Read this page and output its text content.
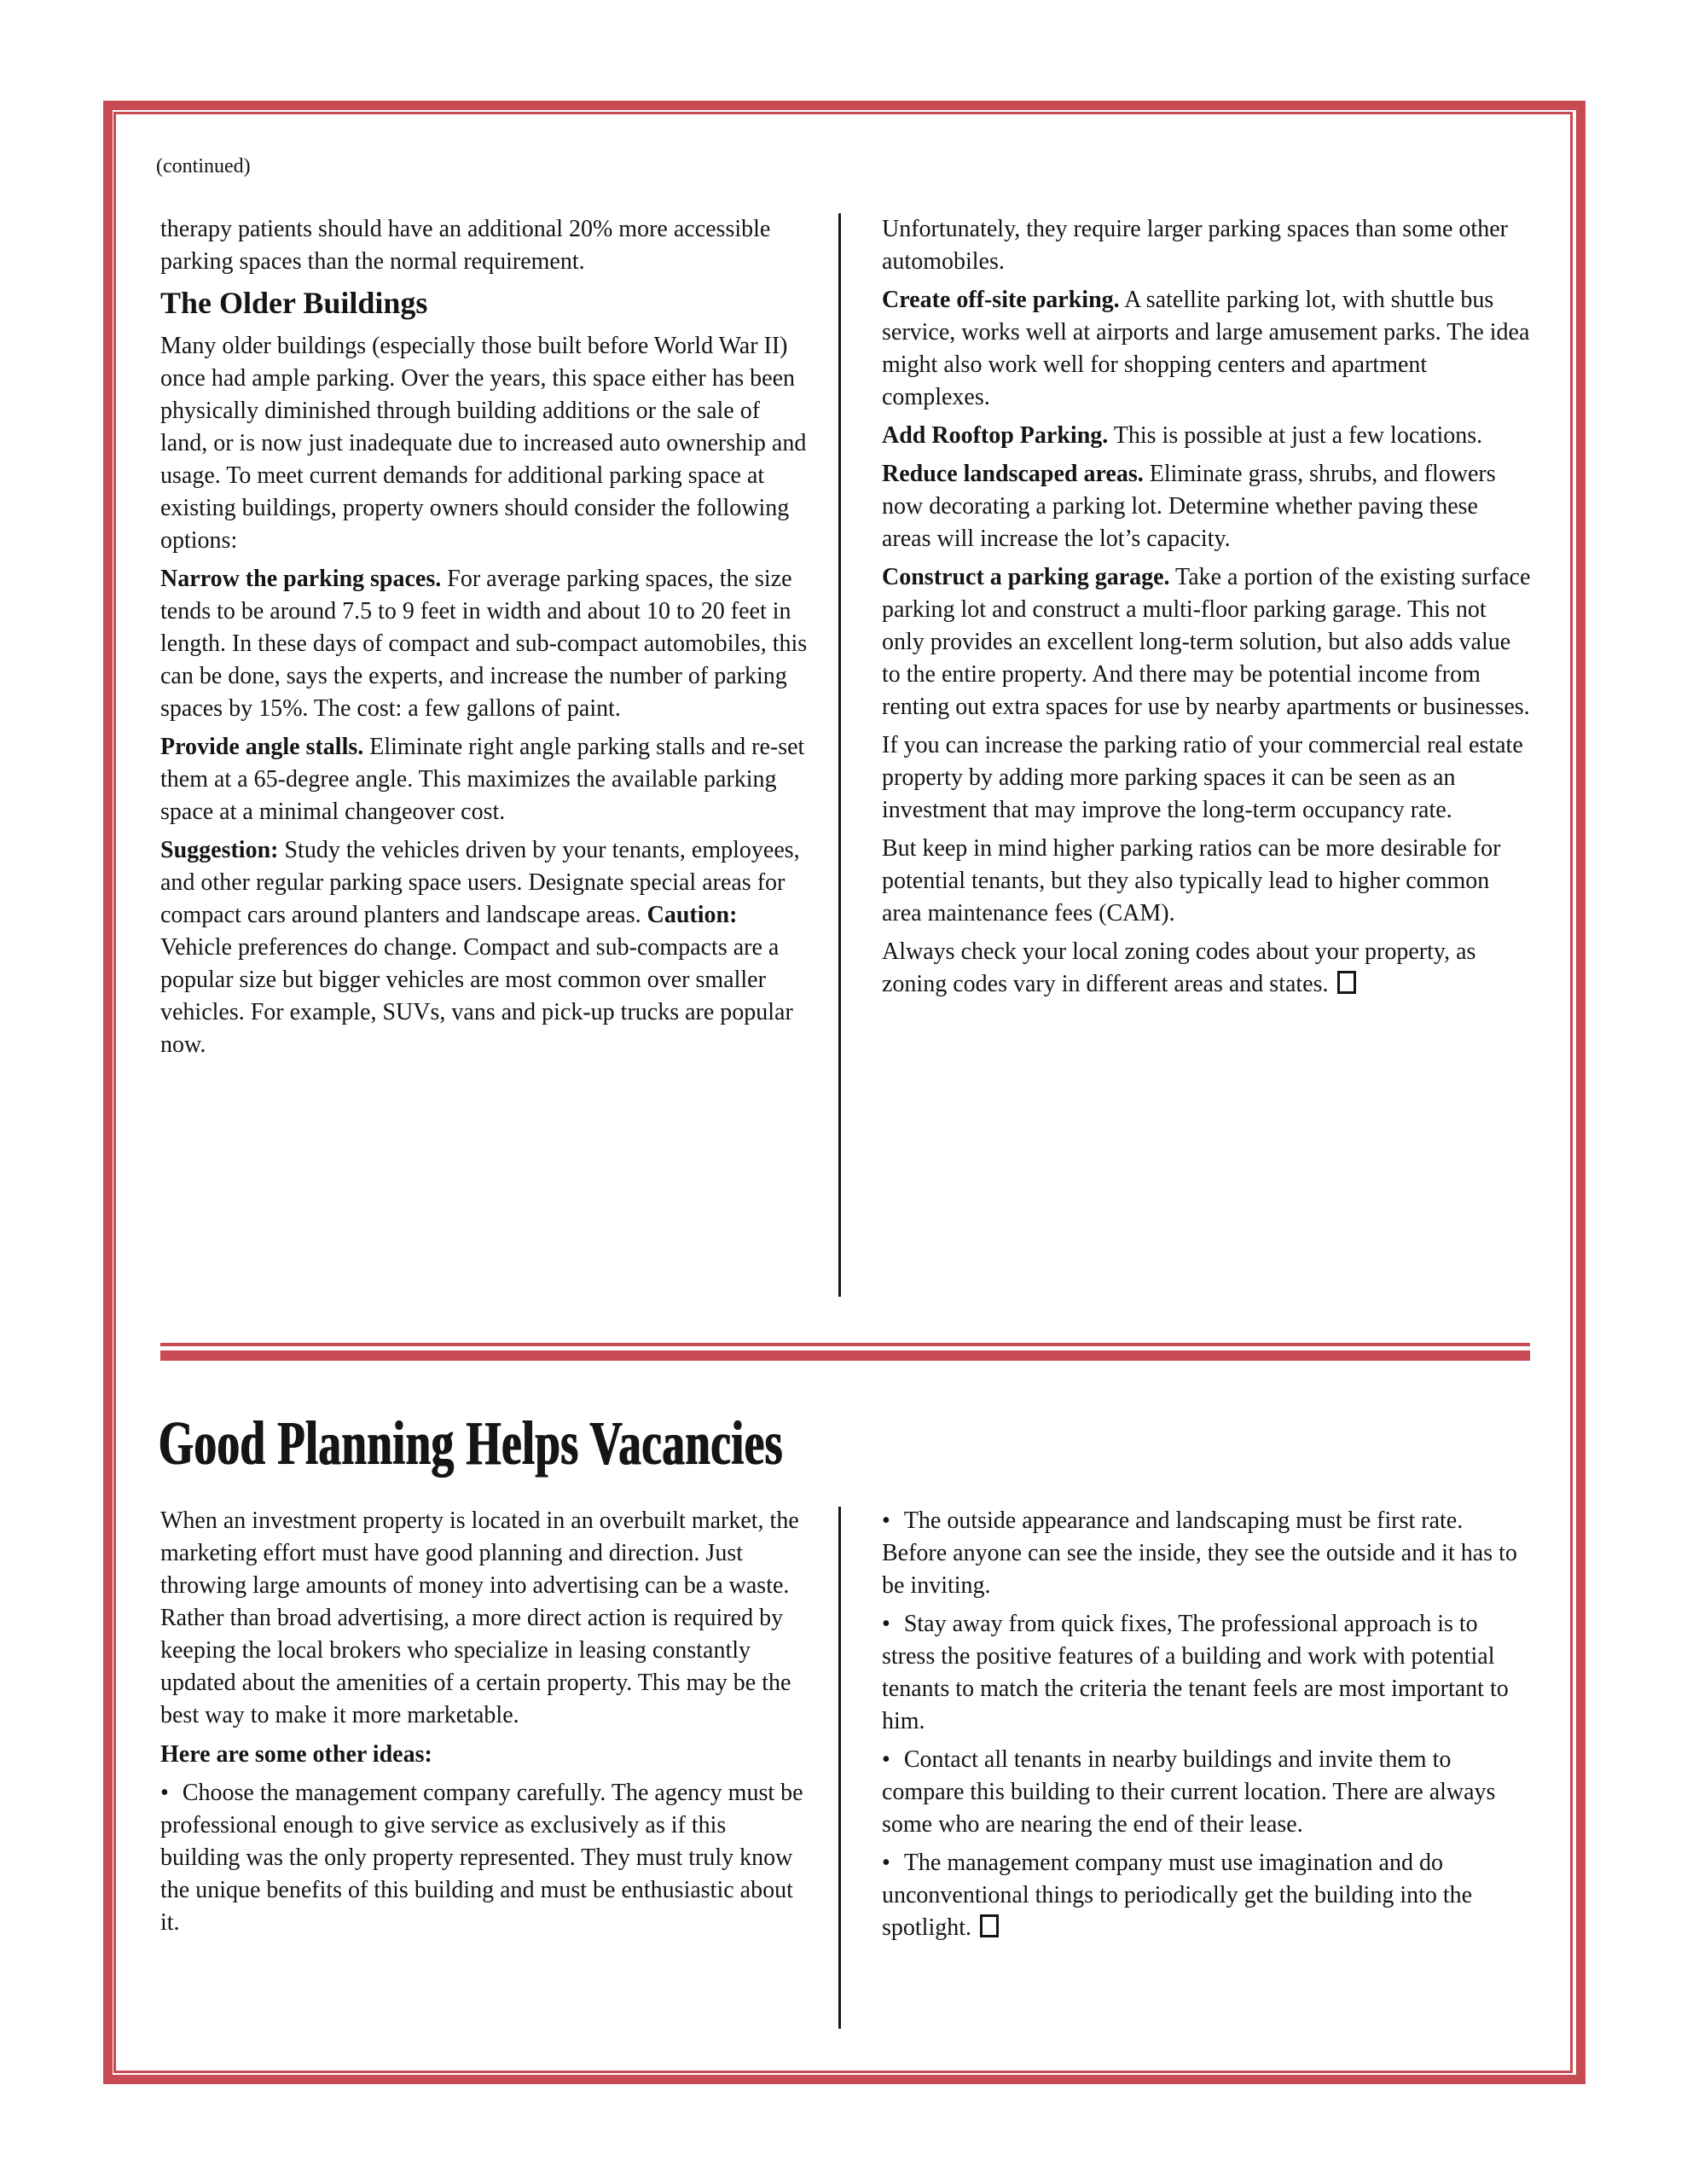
(continued)

therapy patients should have an additional 20% more accessible parking spaces than the normal requirement.

The Older Buildings

Many older buildings (especially those built before World War II) once had ample parking. Over the years, this space either has been physically diminished through building additions or the sale of land, or is now just inadequate due to increased auto ownership and usage. To meet current demands for additional parking space at existing buildings, property owners should consider the following options:

Narrow the parking spaces. For average parking spaces, the size tends to be around 7.5 to 9 feet in width and about 10 to 20 feet in length. In these days of compact and sub-compact automobiles, this can be done, says the experts, and increase the number of parking spaces by 15%. The cost: a few gallons of paint.

Provide angle stalls. Eliminate right angle parking stalls and re-set them at a 65-degree angle. This maximizes the available parking space at a minimal changeover cost.

Suggestion: Study the vehicles driven by your tenants, employees, and other regular parking space users. Designate special areas for compact cars around planters and landscape areas. Caution: Vehicle preferences do change. Compact and sub-compacts are a popular size but bigger vehicles are most common over smaller vehicles. For example, SUVs, vans and pick-up trucks are popular now.

Unfortunately, they require larger parking spaces than some other automobiles.

Create off-site parking. A satellite parking lot, with shuttle bus service, works well at airports and large amusement parks. The idea might also work well for shopping centers and apartment complexes.

Add Rooftop Parking. This is possible at just a few locations.

Reduce landscaped areas. Eliminate grass, shrubs, and flowers now decorating a parking lot. Determine whether paving these areas will increase the lot’s capacity.

Construct a parking garage. Take a portion of the existing surface parking lot and construct a multi-floor parking garage. This not only provides an excellent long-term solution, but also adds value to the entire property. And there may be potential income from renting out extra spaces for use by nearby apartments or businesses.

If you can increase the parking ratio of your commercial real estate property by adding more parking spaces it can be seen as an investment that may improve the long-term occupancy rate.

But keep in mind higher parking ratios can be more desirable for potential tenants, but they also typically lead to higher common area maintenance fees (CAM).

Always check your local zoning codes about your property, as zoning codes vary in different areas and states.

Good Planning Helps Vacancies

When an investment property is located in an overbuilt market, the marketing effort must have good planning and direction. Just throwing large amounts of money into advertising can be a waste. Rather than broad advertising, a more direct action is required by keeping the local brokers who specialize in leasing constantly updated about the amenities of a certain property. This may be the best way to make it more marketable.

Here are some other ideas:

• Choose the management company carefully. The agency must be professional enough to give service as exclusively as if this building was the only property represented. They must truly know the unique benefits of this building and must be enthusiastic about it.

• The outside appearance and landscaping must be first rate. Before anyone can see the inside, they see the outside and it has to be inviting.

• Stay away from quick fixes, The professional approach is to stress the positive features of a building and work with potential tenants to match the criteria the tenant feels are most important to him.

• Contact all tenants in nearby buildings and invite them to compare this building to their current location. There are always some who are nearing the end of their lease.

• The management company must use imagination and do unconventional things to periodically get the building into the spotlight.
